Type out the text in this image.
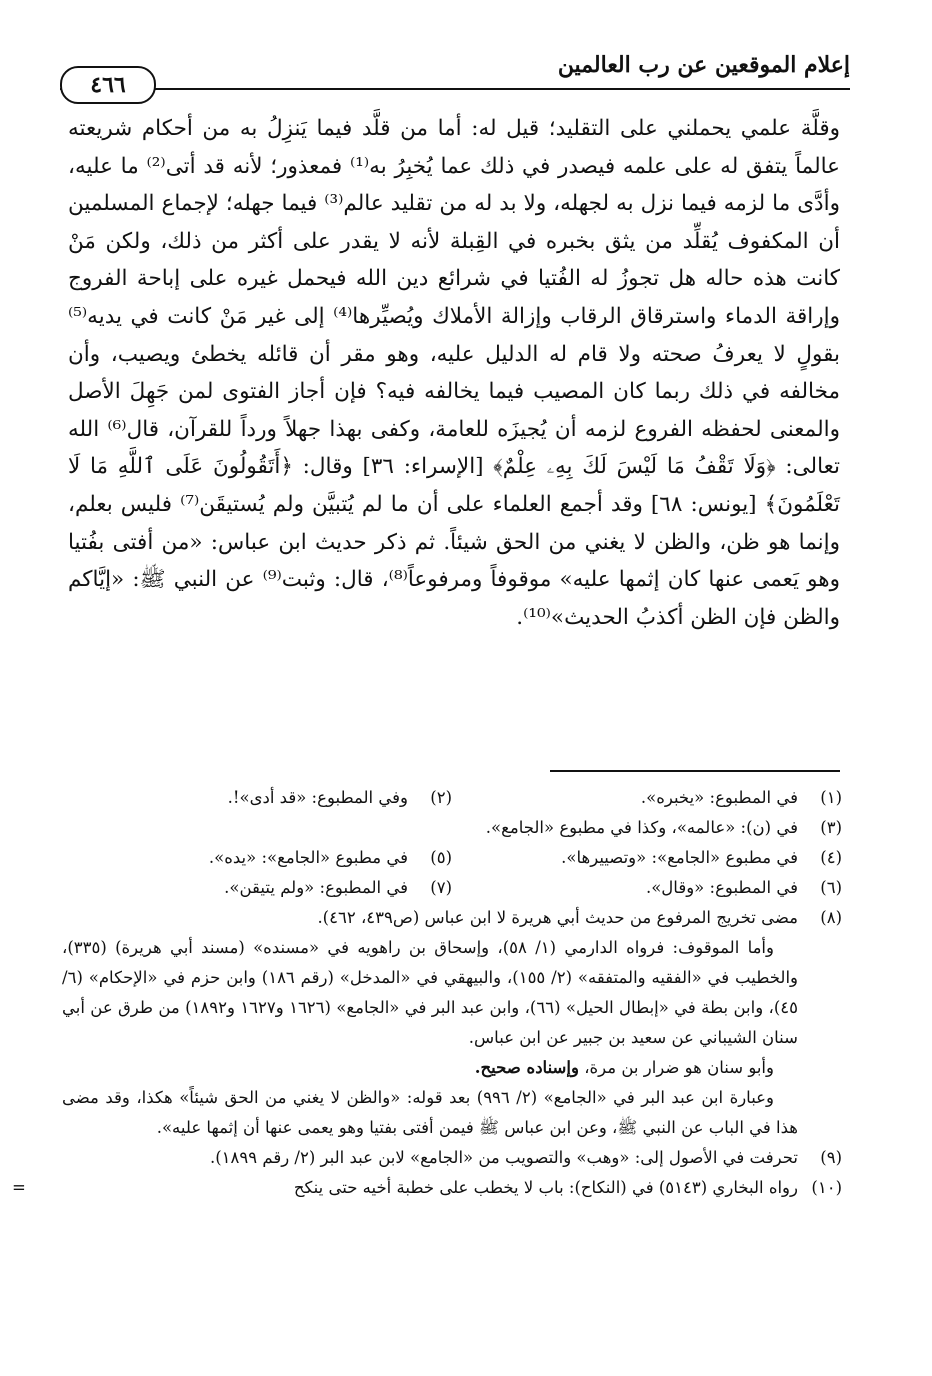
إعلام الموقعين عن رب العالمين
٤٦٦

وقلَّة علمي يحملني على التقليد؛ قيل له: أما من قلَّد فيما يَنزِلُ به من أحكام شريعته عالماً يتفق له على علمه فيصدر في ذلك عما يُخبِرُ به⁽¹⁾ فمعذور؛ لأنه قد أتى⁽²⁾ ما عليه، وأدَّى ما لزمه فيما نزل به لجهله، ولا بد له من تقليد عالم⁽³⁾ فيما جهله؛ لإجماع المسلمين أن المكفوف يُقلِّد من يثق بخبره في القِبلة لأنه لا يقدر على أكثر من ذلك، ولكن مَنْ كانت هذه حاله هل تجوزُ له الفُتيا في شرائع دين الله فيحمل غيره على إباحة الفروج وإراقة الدماء واسترقاق الرقاب وإزالة الأملاك ويُصيِّرها⁽⁴⁾ إلى غير مَنْ كانت في يديه⁽⁵⁾ بقولٍ لا يعرفُ صحته ولا قام له الدليل عليه، وهو مقر أن قائله يخطئ ويصيب، وأن مخالفه في ذلك ربما كان المصيب فيما يخالفه فيه؟ فإن أجاز الفتوى لمن جَهِلَ الأصل والمعنى لحفظه الفروع لزمه أن يُجيزَه للعامة، وكفى بهذا جهلاً ورداً للقرآن، قال⁽⁶⁾ الله تعالى: ﴿وَلَا تَقْفُ مَا لَيْسَ لَكَ بِهِۦ عِلْمٌ﴾ [الإسراء: ٣٦] وقال: ﴿أَتَقُولُونَ عَلَى ٱللَّهِ مَا لَا تَعْلَمُونَ﴾ [يونس: ٦٨] وقد أجمع العلماء على أن ما لم يُتبيَّن ولم يُستيقَن⁽⁷⁾ فليس بعلم، وإنما هو ظن، والظن لا يغني من الحق شيئاً. ثم ذكر حديث ابن عباس: «من أفتى بفُتيا وهو يَعمى عنها كان إثمها عليه» موقوفاً ومرفوعاً⁽⁸⁾، قال: وثبت⁽⁹⁾ عن النبي ﷺ: «إيَّاكم والظن فإن الظن أكذبُ الحديث»⁽¹⁰⁾.

(١)
في المطبوع: «يخبره».
(٢)
وفي المطبوع: «قد أدى»!.
(٣)
في (ن): «عالمه»، وكذا في مطبوع «الجامع».
(٤)
في مطبوع «الجامع»: «وتصييرها».
(٥)
في مطبوع «الجامع»: «يده».
(٦)
في المطبوع: «وقال».
(٧)
في المطبوع: «ولم يتيقن».
(٨)
مضى تخريج المرفوع من حديث أبي هريرة لا ابن عباس (ص٤٣٩، ٤٦٢).
وأما الموقوف: فرواه الدارمي (١/ ٥٨)، وإسحاق بن راهويه في «مسنده» (مسند أبي هريرة) (٣٣٥)، والخطيب في «الفقيه والمتفقه» (٢/ ١٥٥)، والبيهقي في «المدخل» (رقم ١٨٦) وابن حزم في «الإحكام» (٦/ ٤٥)، وابن بطة في «إبطال الحيل» (٦٦)، وابن عبد البر في «الجامع» (١٦٢٦ و١٦٢٧ و١٨٩٢) من طرق عن أبي سنان الشيباني عن سعيد بن جبير عن ابن عباس.
وأبو سنان هو ضرار بن مرة، وإسناده صحيح.
وعبارة ابن عبد البر في «الجامع» (٢/ ٩٩٦) بعد قوله: «والظن لا يغني من الحق شيئاً» هكذا، وقد مضى هذا في الباب عن النبي ﷺ، وعن ابن عباس ﷺ فيمن أفتى بفتيا وهو يعمى عنها أن إثمها عليه».
(٩)
تحرفت في الأصول إلى: «وهب» والتصويب من «الجامع» لابن عبد البر (٢/ رقم ١٨٩٩).
(١٠)
رواه البخاري (٥١٤٣) في (النكاح): باب لا يخطب على خطبة أخيه حتى ينكح
=
